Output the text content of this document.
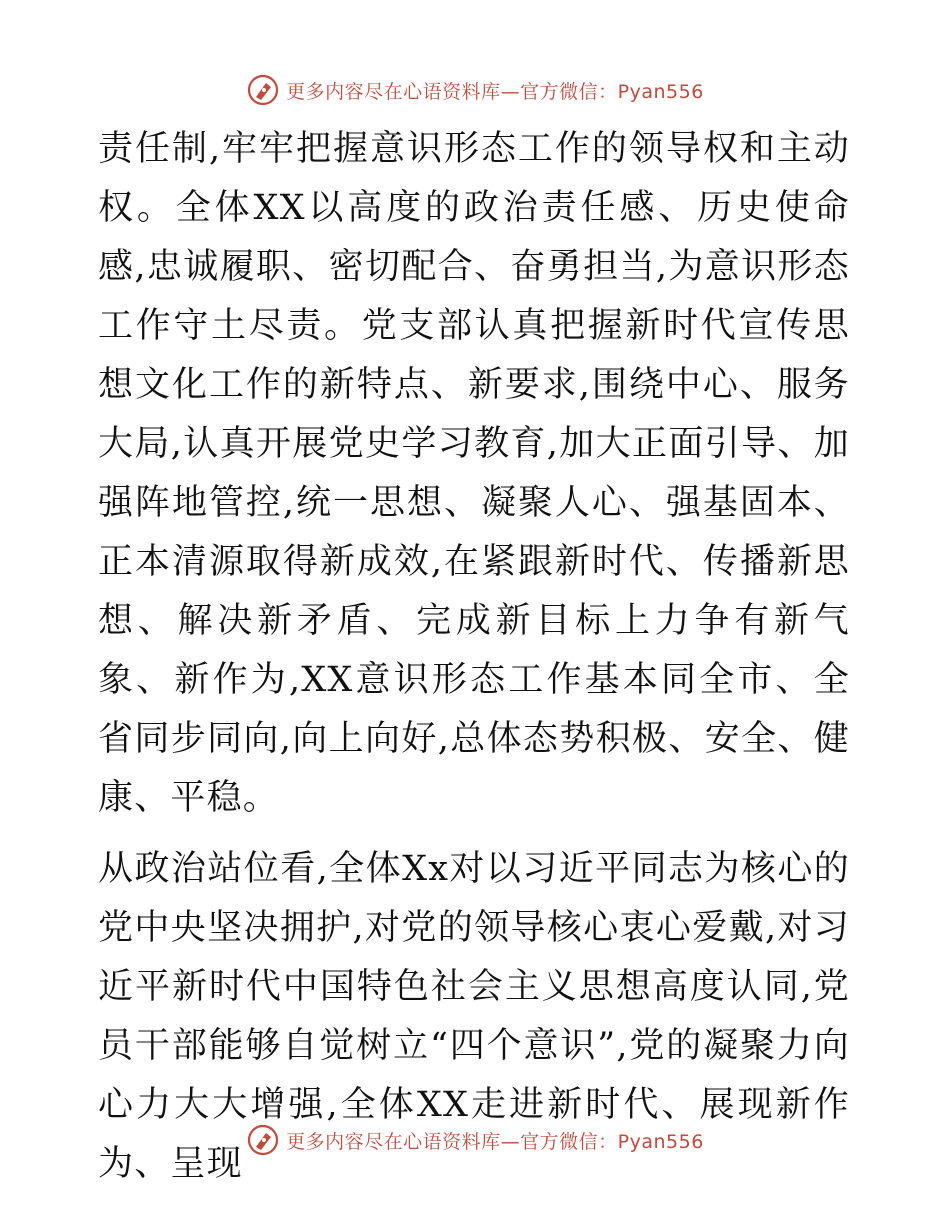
更多内容尽在心语资料库—官方微信：Pyan556

责任制,牢牢把握意识形态工作的领导权和主动权。全体XX以高度的政治责任感、历史使命感,忠诚履职、密切配合、奋勇担当,为意识形态工作守土尽责。党支部认真把握新时代宣传思想文化工作的新特点、新要求,围绕中心、服务大局,认真开展党史学习教育,加大正面引导、加强阵地管控,统一思想、凝聚人心、强基固本、正本清源取得新成效,在紧跟新时代、传播新思想、解决新矛盾、完成新目标上力争有新气象、新作为,XX意识形态工作基本同全市、全省同步同向,向上向好,总体态势积极、安全、健康、平稳。

从政治站位看,全体Xx对以习近平同志为核心的党中央坚决拥护,对党的领导核心衷心爱戴,对习近平新时代中国特色社会主义思想高度认同,党员干部能够自觉树立“四个意识”,党的凝聚力向心力大大增强,全体XX走进新时代、展现新作为、呈现

更多内容尽在心语资料库—官方微信：Pyan556
